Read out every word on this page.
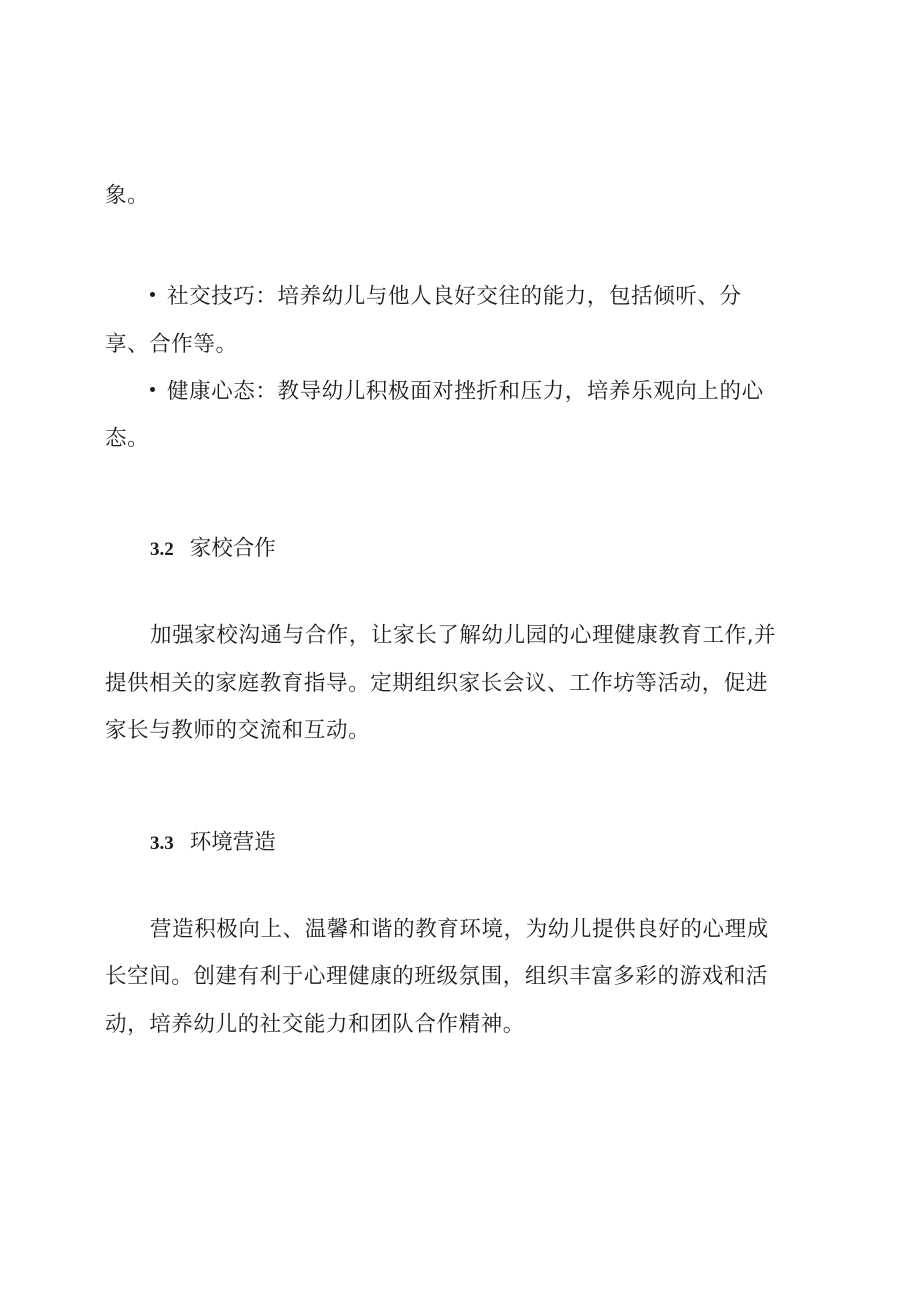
象。
社交技巧：培养幼儿与他人良好交往的能力，包括倾听、分
享、合作等。
健康心态：教导幼儿积极面对挫折和压力，培养乐观向上的心
态。
3.2 家校合作
加强家校沟通与合作，让家长了解幼儿园的心理健康教育工作,并
提供相关的家庭教育指导。定期组织家长会议、工作坊等活动，促进
家长与教师的交流和互动。
3.3 环境营造
营造积极向上、温馨和谐的教育环境，为幼儿提供良好的心理成
长空间。创建有利于心理健康的班级氛围，组织丰富多彩的游戏和活
动，培养幼儿的社交能力和团队合作精神。
